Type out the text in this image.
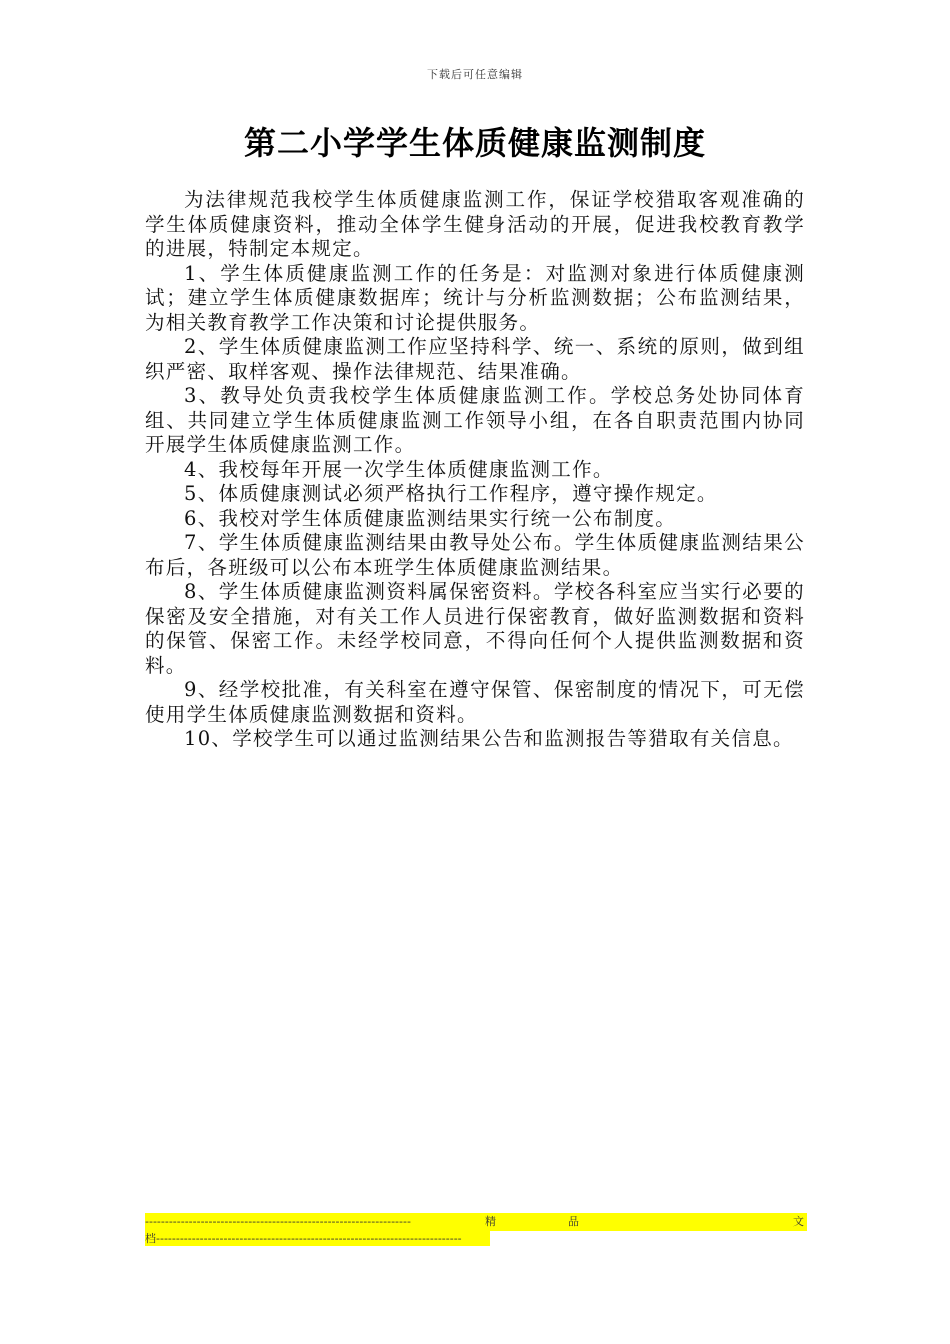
下载后可任意编辑
第二小学学生体质健康监测制度

为法律规范我校学生体质健康监测工作，保证学校猎取客观准确的学生体质健康资料，推动全体学生健身活动的开展，促进我校教育教学的进展，特制定本规定。

1、学生体质健康监测工作的任务是：对监测对象进行体质健康测试；建立学生体质健康数据库；统计与分析监测数据；公布监测结果，为相关教育教学工作决策和讨论提供服务。

2、学生体质健康监测工作应坚持科学、统一、系统的原则，做到组织严密、取样客观、操作法律规范、结果准确。

3、教导处负责我校学生体质健康监测工作。学校总务处协同体育组、共同建立学生体质健康监测工作领导小组，在各自职责范围内协同开展学生体质健康监测工作。

4、我校每年开展一次学生体质健康监测工作。

5、体质健康测试必须严格执行工作程序，遵守操作规定。

6、我校对学生体质健康监测结果实行统一公布制度。

7、学生体质健康监测结果由教导处公布。学生体质健康监测结果公布后，各班级可以公布本班学生体质健康监测结果。

8、学生体质健康监测资料属保密资料。学校各科室应当实行必要的保密及安全措施，对有关工作人员进行保密教育，做好监测数据和资料的保管、保密工作。未经学校同意，不得向任何个人提供监测数据和资料。

9、经学校批准，有关科室在遵守保管、保密制度的情况下，可无偿使用学生体质健康监测数据和资料。

10、学校学生可以通过监测结果公告和监测报告等猎取有关信息。

-------------------------------------------------------------------	精	品	文
档-----------------------------------------------------------------------------
